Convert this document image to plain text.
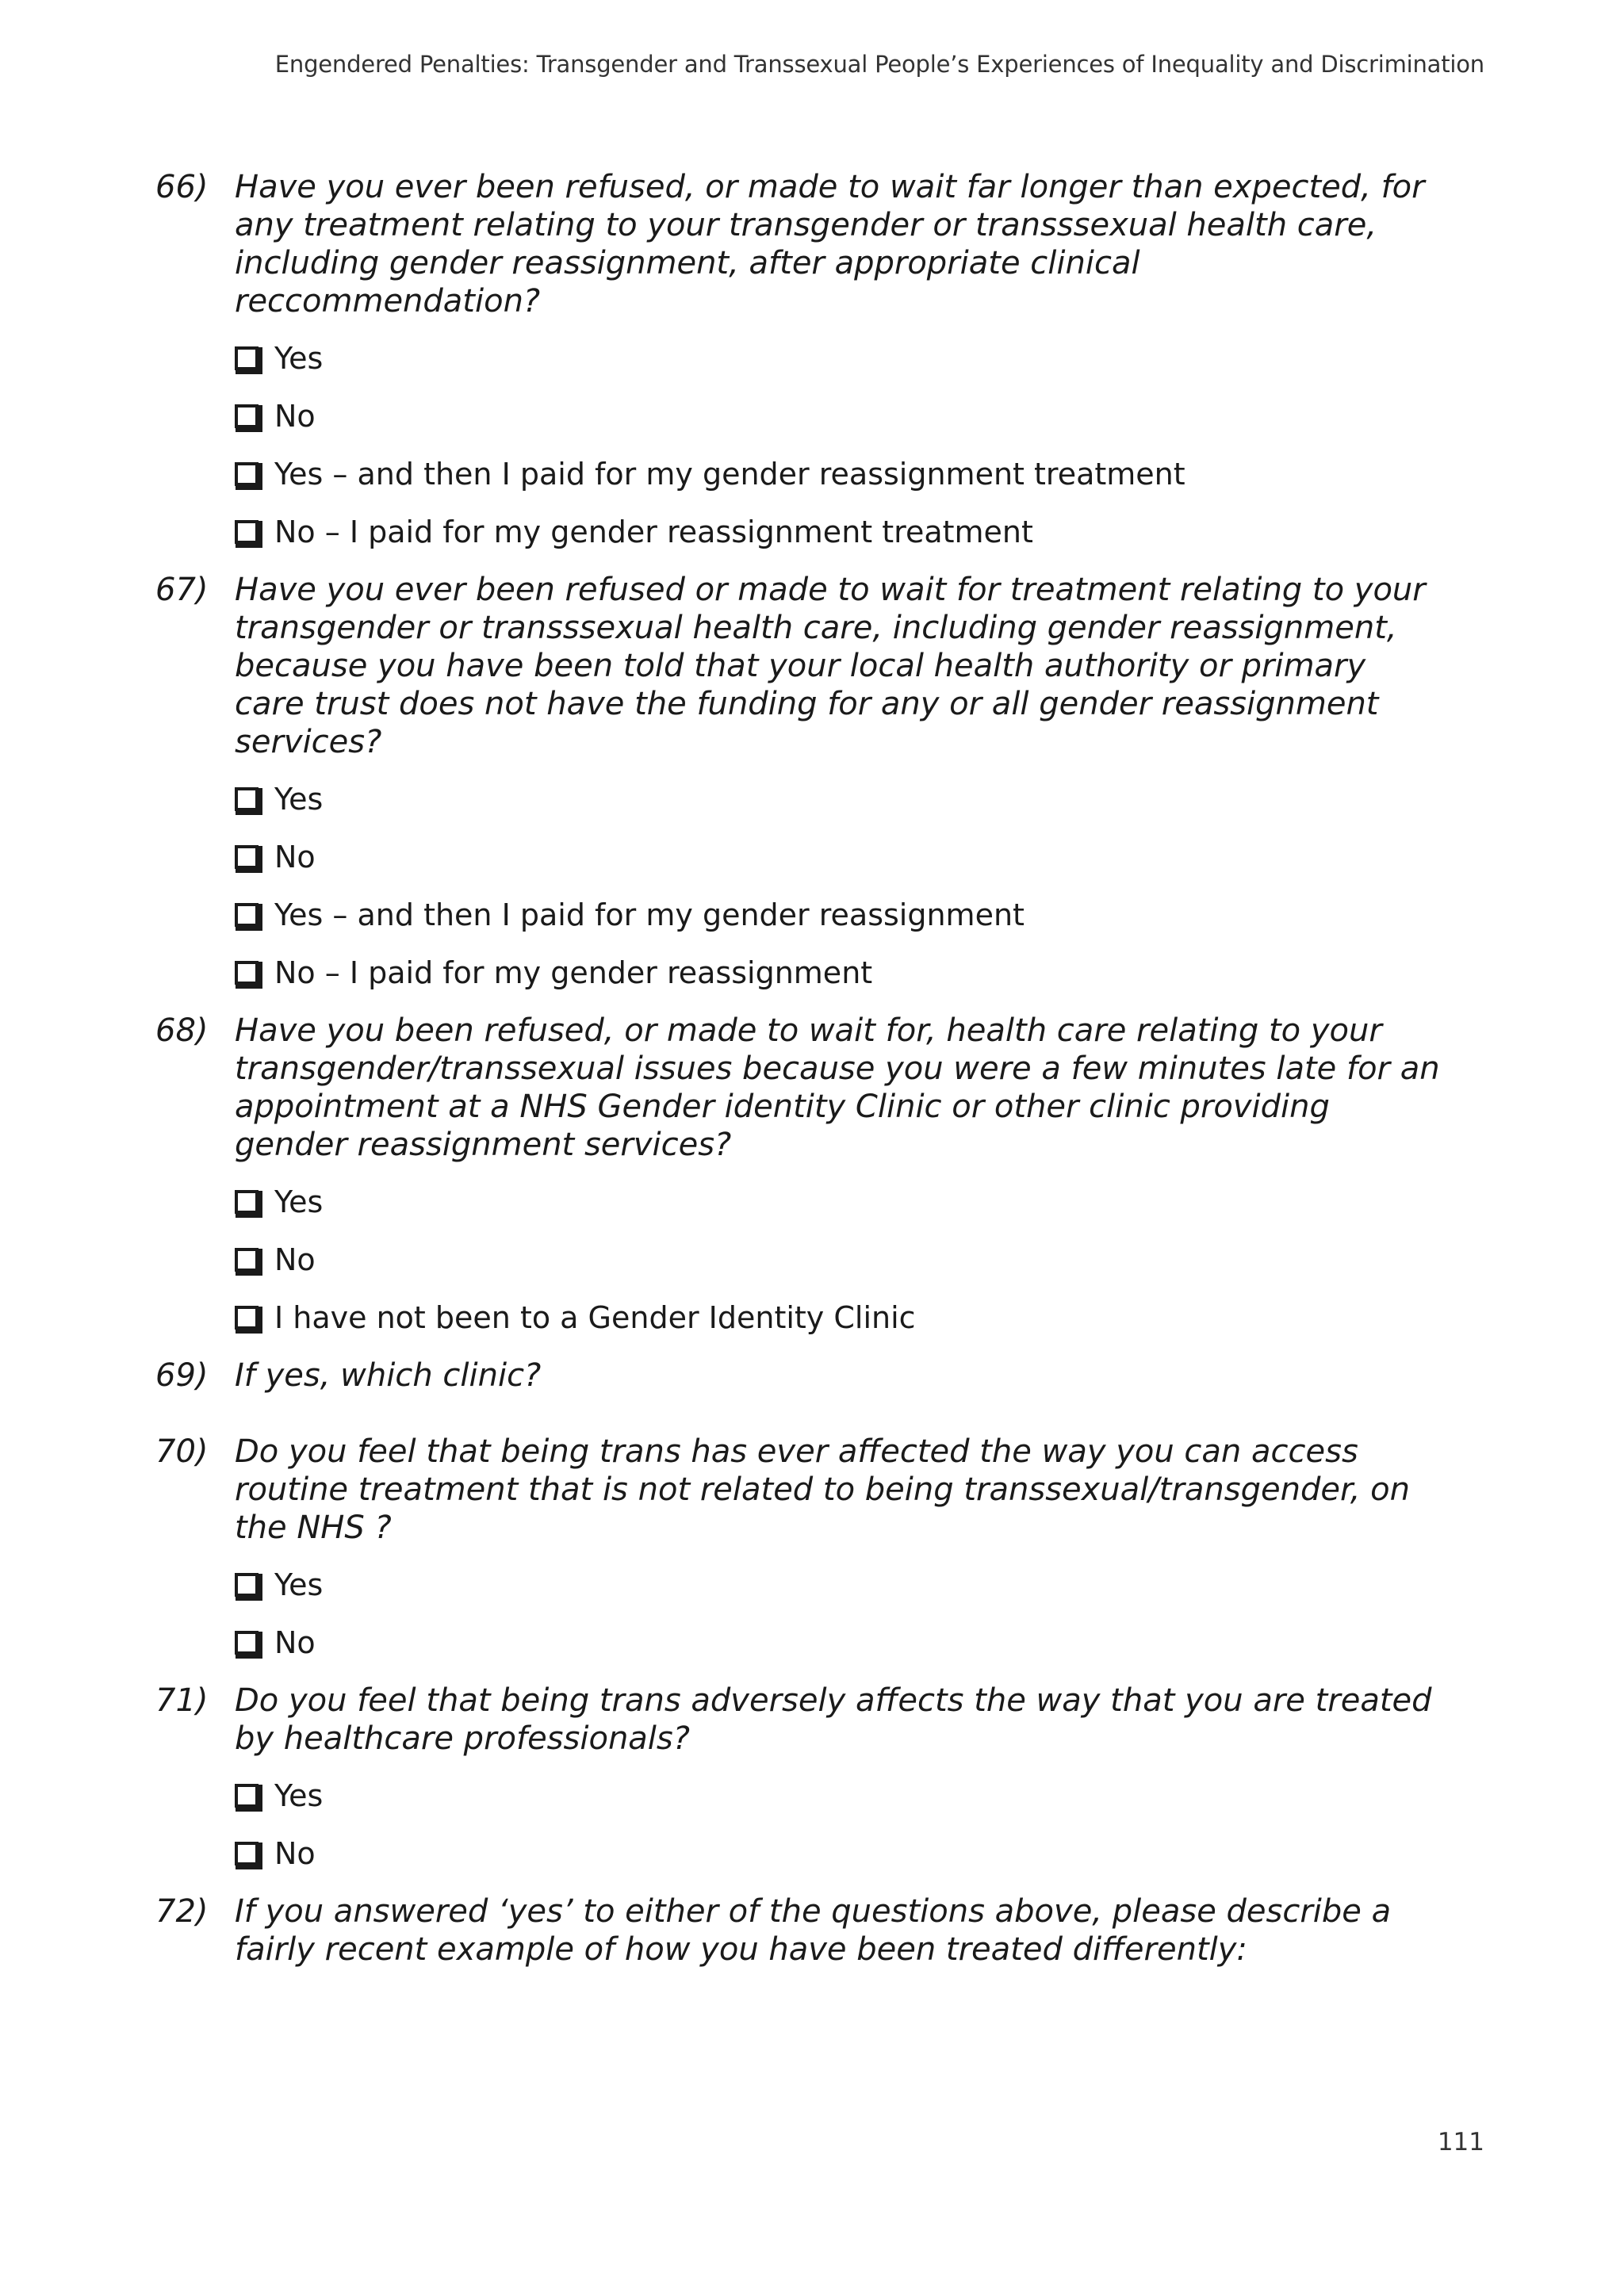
Engendered Penalties: Transgender and Transsexual People’s Experiences of Inequality and Discrimination
66) Have you ever been refused, or made to wait far longer than expected, for
any treatment relating to your transgender or transssexual health care,
including gender reassignment, after appropriate clinical
reccommendation?
Yes
No
Yes – and then I paid for my gender reassignment treatment
No – I paid for my gender reassignment treatment
67) Have you ever been refused or made to wait for treatment relating to your
transgender or transssexual health care, including gender reassignment,
because you have been told that your local health authority or primary
care trust does not have the funding for any or all gender reassignment
services?
Yes
No
Yes – and then I paid for my gender reassignment
No – I paid for my gender reassignment
68) Have you been refused, or made to wait for, health care relating to your
transgender/transsexual issues because you were a few minutes late for an
appointment at a NHS Gender identity Clinic or other clinic providing
gender reassignment services?
Yes
No
I have not been to a Gender Identity Clinic
69) If yes, which clinic?
70) Do you feel that being trans has ever affected the way you can access
routine treatment that is not related to being transsexual/transgender, on
the NHS ?
Yes
No
71) Do you feel that being trans adversely affects the way that you are treated
by healthcare professionals?
Yes
No
72) If you answered ‘yes’ to either of the questions above, please describe a
fairly recent example of how you have been treated differently:
111
